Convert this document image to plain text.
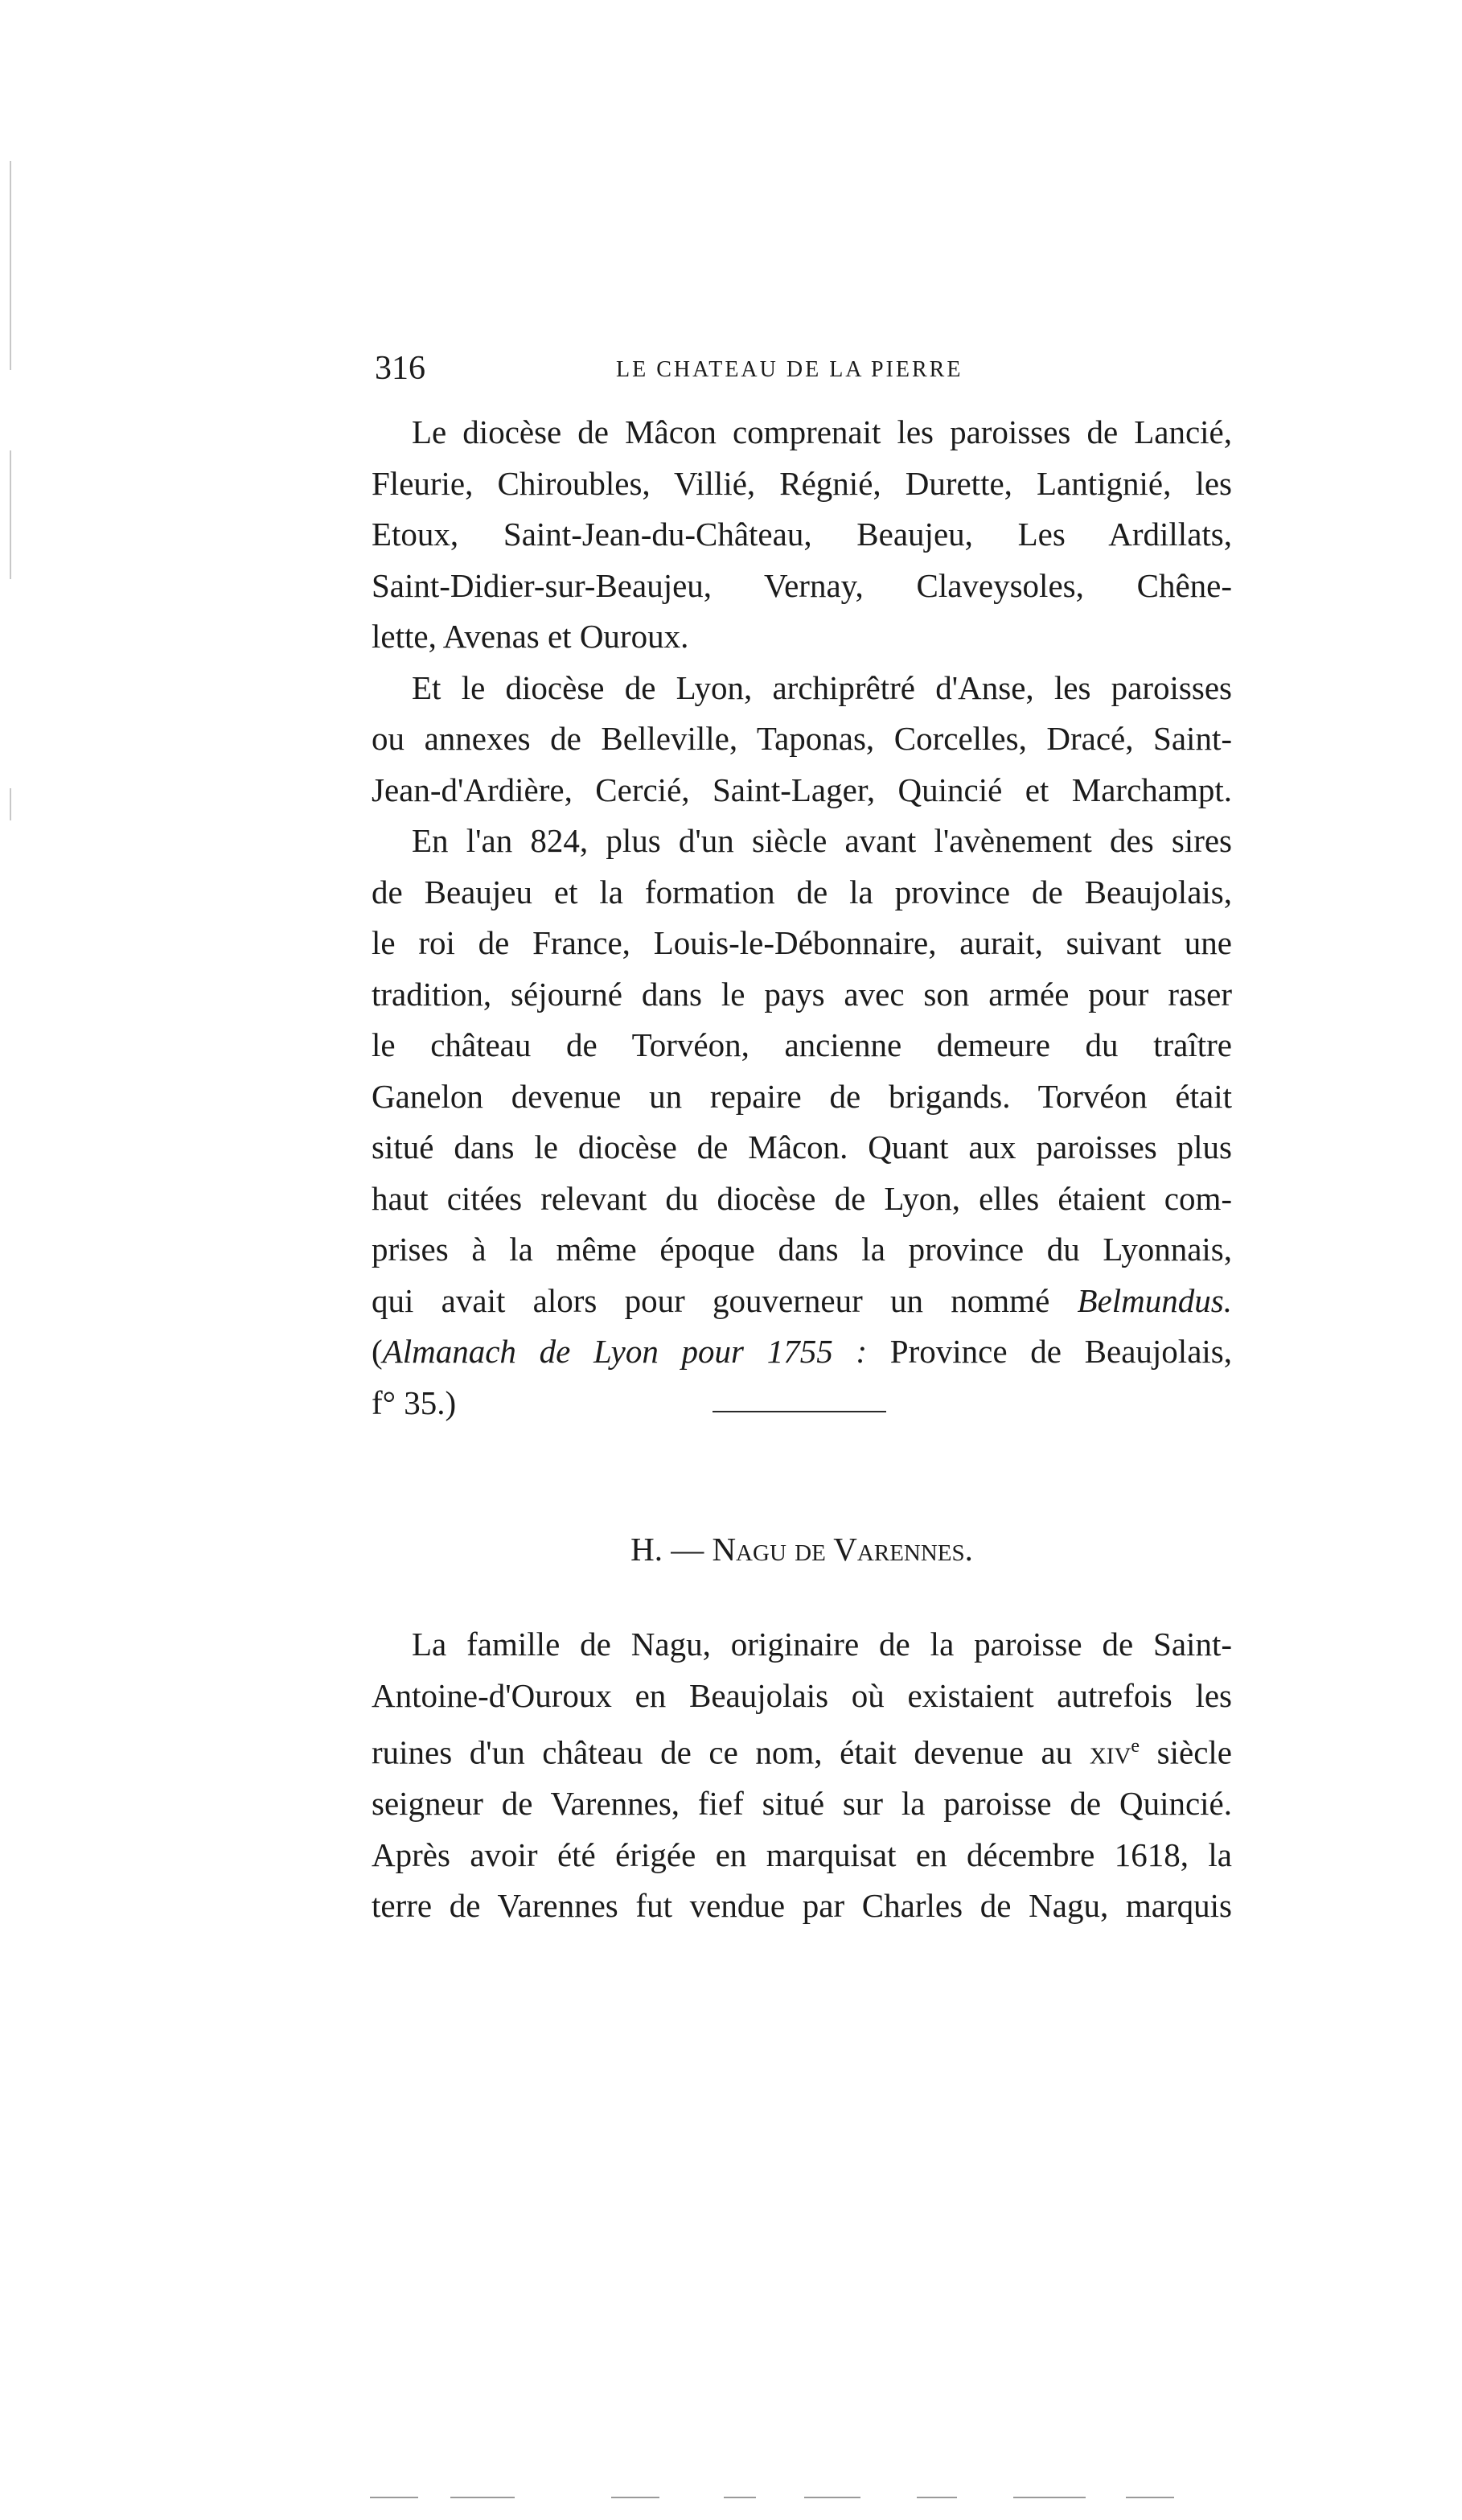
316	LE CHATEAU DE LA PIERRE

Le diocèse de Mâcon comprenait les paroisses de Lancié,
Fleurie, Chiroubles, Villié, Régnié, Durette, Lantignié, les
Etoux, Saint-Jean-du-Château, Beaujeu, Les Ardillats,
Saint-Didier-sur-Beaujeu, Vernay, Claveysoles, Chêne-
lette, Avenas et Ouroux.

Et le diocèse de Lyon, archiprêtré d'Anse, les paroisses
ou annexes de Belleville, Taponas, Corcelles, Dracé, Saint-
Jean-d'Ardière, Cercié, Saint-Lager, Quincié et Marchampt.

En l'an 824, plus d'un siècle avant l'avènement des sires
de Beaujeu et la formation de la province de Beaujolais,
le roi de France, Louis-le-Débonnaire, aurait, suivant une
tradition, séjourné dans le pays avec son armée pour raser
le château de Torvéon, ancienne demeure du traître
Ganelon devenue un repaire de brigands. Torvéon était
situé dans le diocèse de Mâcon. Quant aux paroisses plus
haut citées relevant du diocèse de Lyon, elles étaient com-
prises à la même époque dans la province du Lyonnais,
qui avait alors pour gouverneur un nommé Belmundus.
(Almanach de Lyon pour 1755 : Province de Beaujolais,
f° 35.)

H. — Nagu de Varennes.

La famille de Nagu, originaire de la paroisse de Saint-
Antoine-d'Ouroux en Beaujolais où existaient autrefois les
ruines d'un château de ce nom, était devenue au xiv$^e$ siècle
seigneur de Varennes, fief situé sur la paroisse de Quincié.
Après avoir été érigée en marquisat en décembre 1618, la
terre de Varennes fut vendue par Charles de Nagu, marquis
